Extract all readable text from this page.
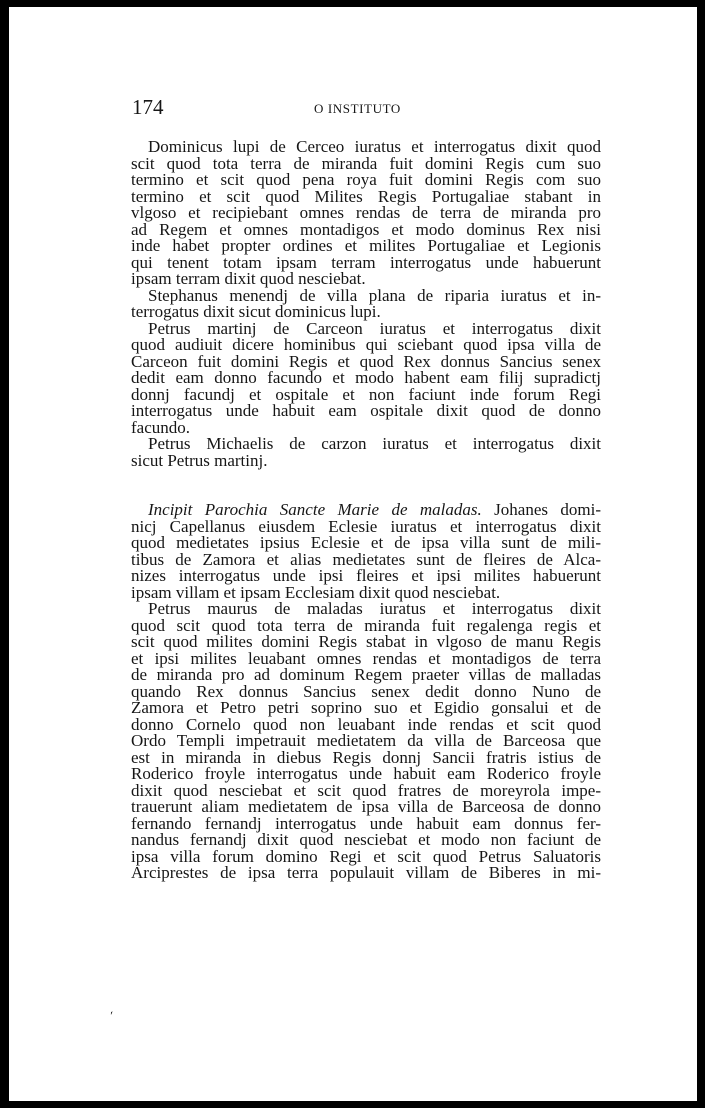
174	O INSTITUTO
Dominicus lupi de Cerceo iuratus et interrogatus dixit quod
scit quod tota terra de miranda fuit domini Regis cum suo
termino et scit quod pena roya fuit domini Regis com suo
termino et scit quod Milites Regis Portugaliae stabant in
vlgoso et recipiebant omnes rendas de terra de miranda pro
ad Regem et omnes montadigos et modo dominus Rex nisi
inde habet propter ordines et milites Portugaliae et Legionis
qui tenent totam ipsam terram interrogatus unde habuerunt
ipsam terram dixit quod nesciebat.
Stephanus menendj de villa plana de riparia iuratus et in-
terrogatus dixit sicut dominicus lupi.
Petrus martinj de Carceon iuratus et interrogatus dixit
quod audiuit dicere hominibus qui sciebant quod ipsa villa de
Carceon fuit domini Regis et quod Rex donnus Sancius senex
dedit eam donno facundo et modo habent eam filij supradictj
donnj facundj et ospitale et non faciunt inde forum Regi
interrogatus unde habuit eam ospitale dixit quod de donno
facundo.
Petrus Michaelis de carzon iuratus et interrogatus dixit
sicut Petrus martinj.
Incipit Parochia Sancte Marie de maladas. Johanes domi-
nicj Capellanus eiusdem Eclesie iuratus et interrogatus dixit
quod medietates ipsius Eclesie et de ipsa villa sunt de mili-
tibus de Zamora et alias medietates sunt de fleires de Alca-
nizes interrogatus unde ipsi fleires et ipsi milites habuerunt
ipsam villam et ipsam Ecclesiam dixit quod nesciebat.
Petrus maurus de maladas iuratus et interrogatus dixit
quod scit quod tota terra de miranda fuit regalenga regis et
scit quod milites domini Regis stabat in vlgoso de manu Regis
et ipsi milites leuabant omnes rendas et montadigos de terra
de miranda pro ad dominum Regem praeter villas de malladas
quando Rex donnus Sancius senex dedit donno Nuno de
Zamora et Petro petri soprino suo et Egidio gonsalui et de
donno Cornelo quod non leuabant inde rendas et scit quod
Ordo Templi impetrauit medietatem da villa de Barceosa que
est in miranda in diebus Regis donnj Sancii fratris istius de
Roderico froyle interrogatus unde habuit eam Roderico froyle
dixit quod nesciebat et scit quod fratres de moreyrola impe-
trauerunt aliam medietatem de ipsa villa de Barceosa de donno
fernando fernandj interrogatus unde habuit eam donnus fer-
nandus fernandj dixit quod nesciebat et modo non faciunt de
ipsa villa forum domino Regi et scit quod Petrus Saluatoris
Arciprestes de ipsa terra populauit villam de Biberes in mi-
ˊ
